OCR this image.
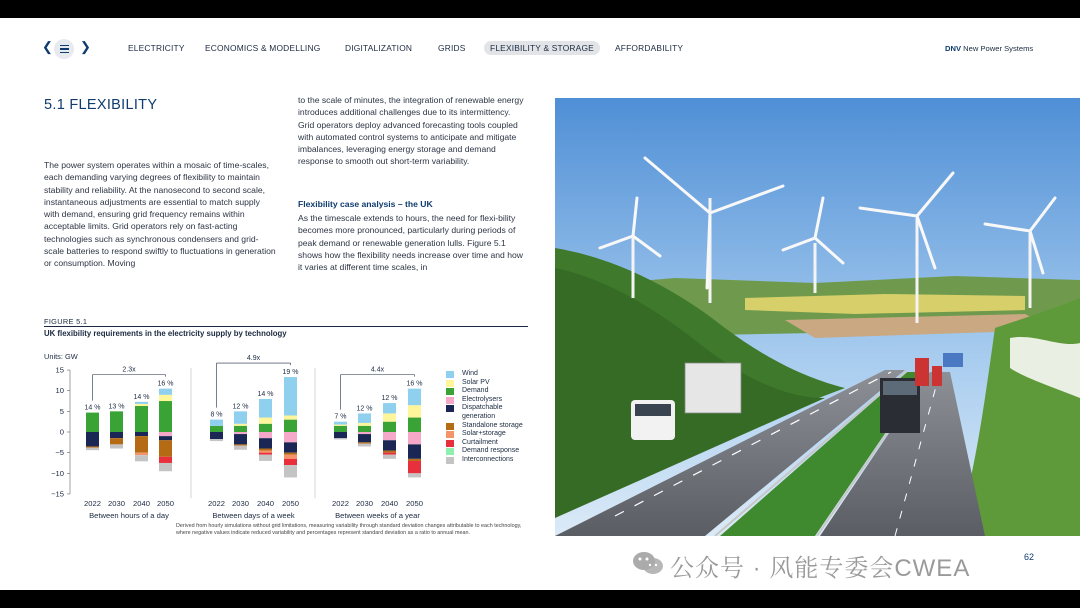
❮ ❯	ELECTRICITY ECONOMICS & MODELLING	DIGITALIZATION	GRIDS	FLEXIBILITY & STORAGE	AFFORDABILITY	DNV New Power Systems
5.1 FLEXIBILITY
The power system operates within a mosaic of time-scales, each demanding varying degrees of flexibility to maintain stability and reliability. At the nanosecond to second scale, instantaneous adjustments are essential to match supply with demand, ensuring grid frequency remains within acceptable limits. Grid operators rely on fast-acting technologies such as synchronous condensers and grid-scale batteries to respond swiftly to fluctuations in generation or consumption. Moving
to the scale of minutes, the integration of renewable energy introduces additional challenges due to its intermittency. Grid operators deploy advanced forecasting tools coupled with automated control systems to anticipate and mitigate imbalances, leveraging energy storage and demand response to smooth out short-term variability.
Flexibility case analysis – the UK
As the timescale extends to hours, the need for flexi-bility becomes more pronounced, particularly during periods of peak demand or renewable generation lulls. Figure 5.1 shows how the flexibility needs increase over time and how it varies at different time scales, in
FIGURE 5.1
UK flexibility requirements in the electricity supply by technology
Units: GW
15
10
5
0
−5
−10
−15
14 %
2022
13 %
2030
14 %
2040
16 %
2050
2.3x
Between hours of a day
8 %
2022
12 %
2030
14 %
2040
19 %
2050
4.9x
Between days of a week
7 %
2022
12 %
2030
12 %
2040
16 %
2050
4.4x
Between weeks of a year
Wind
Solar PV
Demand
Electrolysers
Dispatchable generation
Standalone storage
Solar+storage
Curtailment
Demand response
Interconnections
Derived from hourly simulations without grid limitations, measuring variability through standard deviation changes attributable to each technology, where negative values indicate reduced variability and percentages represent standard deviation as a ratio to annual mean.
公众号 · 风能专委会CWEA	62
